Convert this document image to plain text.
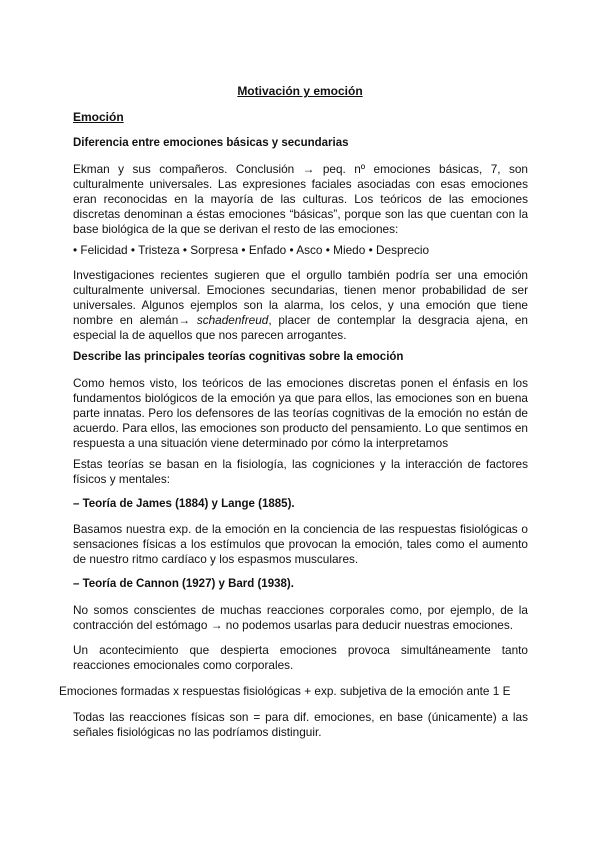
Motivación y emoción
Emoción
Diferencia entre emociones básicas y secundarias
Ekman y sus compañeros. Conclusión → peq. nº emociones básicas, 7, son culturalmente universales. Las expresiones faciales asociadas con esas emociones eran reconocidas en la mayoría de las culturas. Los teóricos de las emociones discretas denominan a éstas emociones “básicas”, porque son las que cuentan con la base biológica de la que se derivan el resto de las emociones:
• Felicidad • Tristeza • Sorpresa • Enfado • Asco • Miedo • Desprecio
Investigaciones recientes sugieren que el orgullo también podría ser una emoción culturalmente universal. Emociones secundarias, tienen menor probabilidad de ser universales. Algunos ejemplos son la alarma, los celos, y una emoción que tiene nombre en alemán→ schadenfreud, placer de contemplar la desgracia ajena, en especial la de aquellos que nos parecen arrogantes.
Describe las principales teorías cognitivas sobre la emoción
Como hemos visto, los teóricos de las emociones discretas ponen el énfasis en los fundamentos biológicos de la emoción ya que para ellos, las emociones son en buena parte innatas. Pero los defensores de las teorías cognitivas de la emoción no están de acuerdo. Para ellos, las emociones son producto del pensamiento. Lo que sentimos en respuesta a una situación viene determinado por cómo la interpretamos
Estas teorías se basan en la fisiología, las cogniciones y la interacción de factores físicos y mentales:
– Teoría de James (1884) y Lange (1885).
Basamos nuestra exp. de la emoción en la conciencia de las respuestas fisiológicas o sensaciones físicas a los estímulos que provocan la emoción, tales como el aumento de nuestro ritmo cardíaco y los espasmos musculares.
– Teoría de Cannon (1927) y Bard (1938).
No somos conscientes de muchas reacciones corporales como, por ejemplo, de la contracción del estómago → no podemos usarlas para deducir nuestras emociones.
Un acontecimiento que despierta emociones provoca simultáneamente tanto reacciones emocionales como corporales.
Emociones formadas x respuestas fisiológicas + exp. subjetiva de la emoción ante 1 E
Todas las reacciones físicas son = para dif. emociones, en base (únicamente) a las señales fisiológicas no las podríamos distinguir.
